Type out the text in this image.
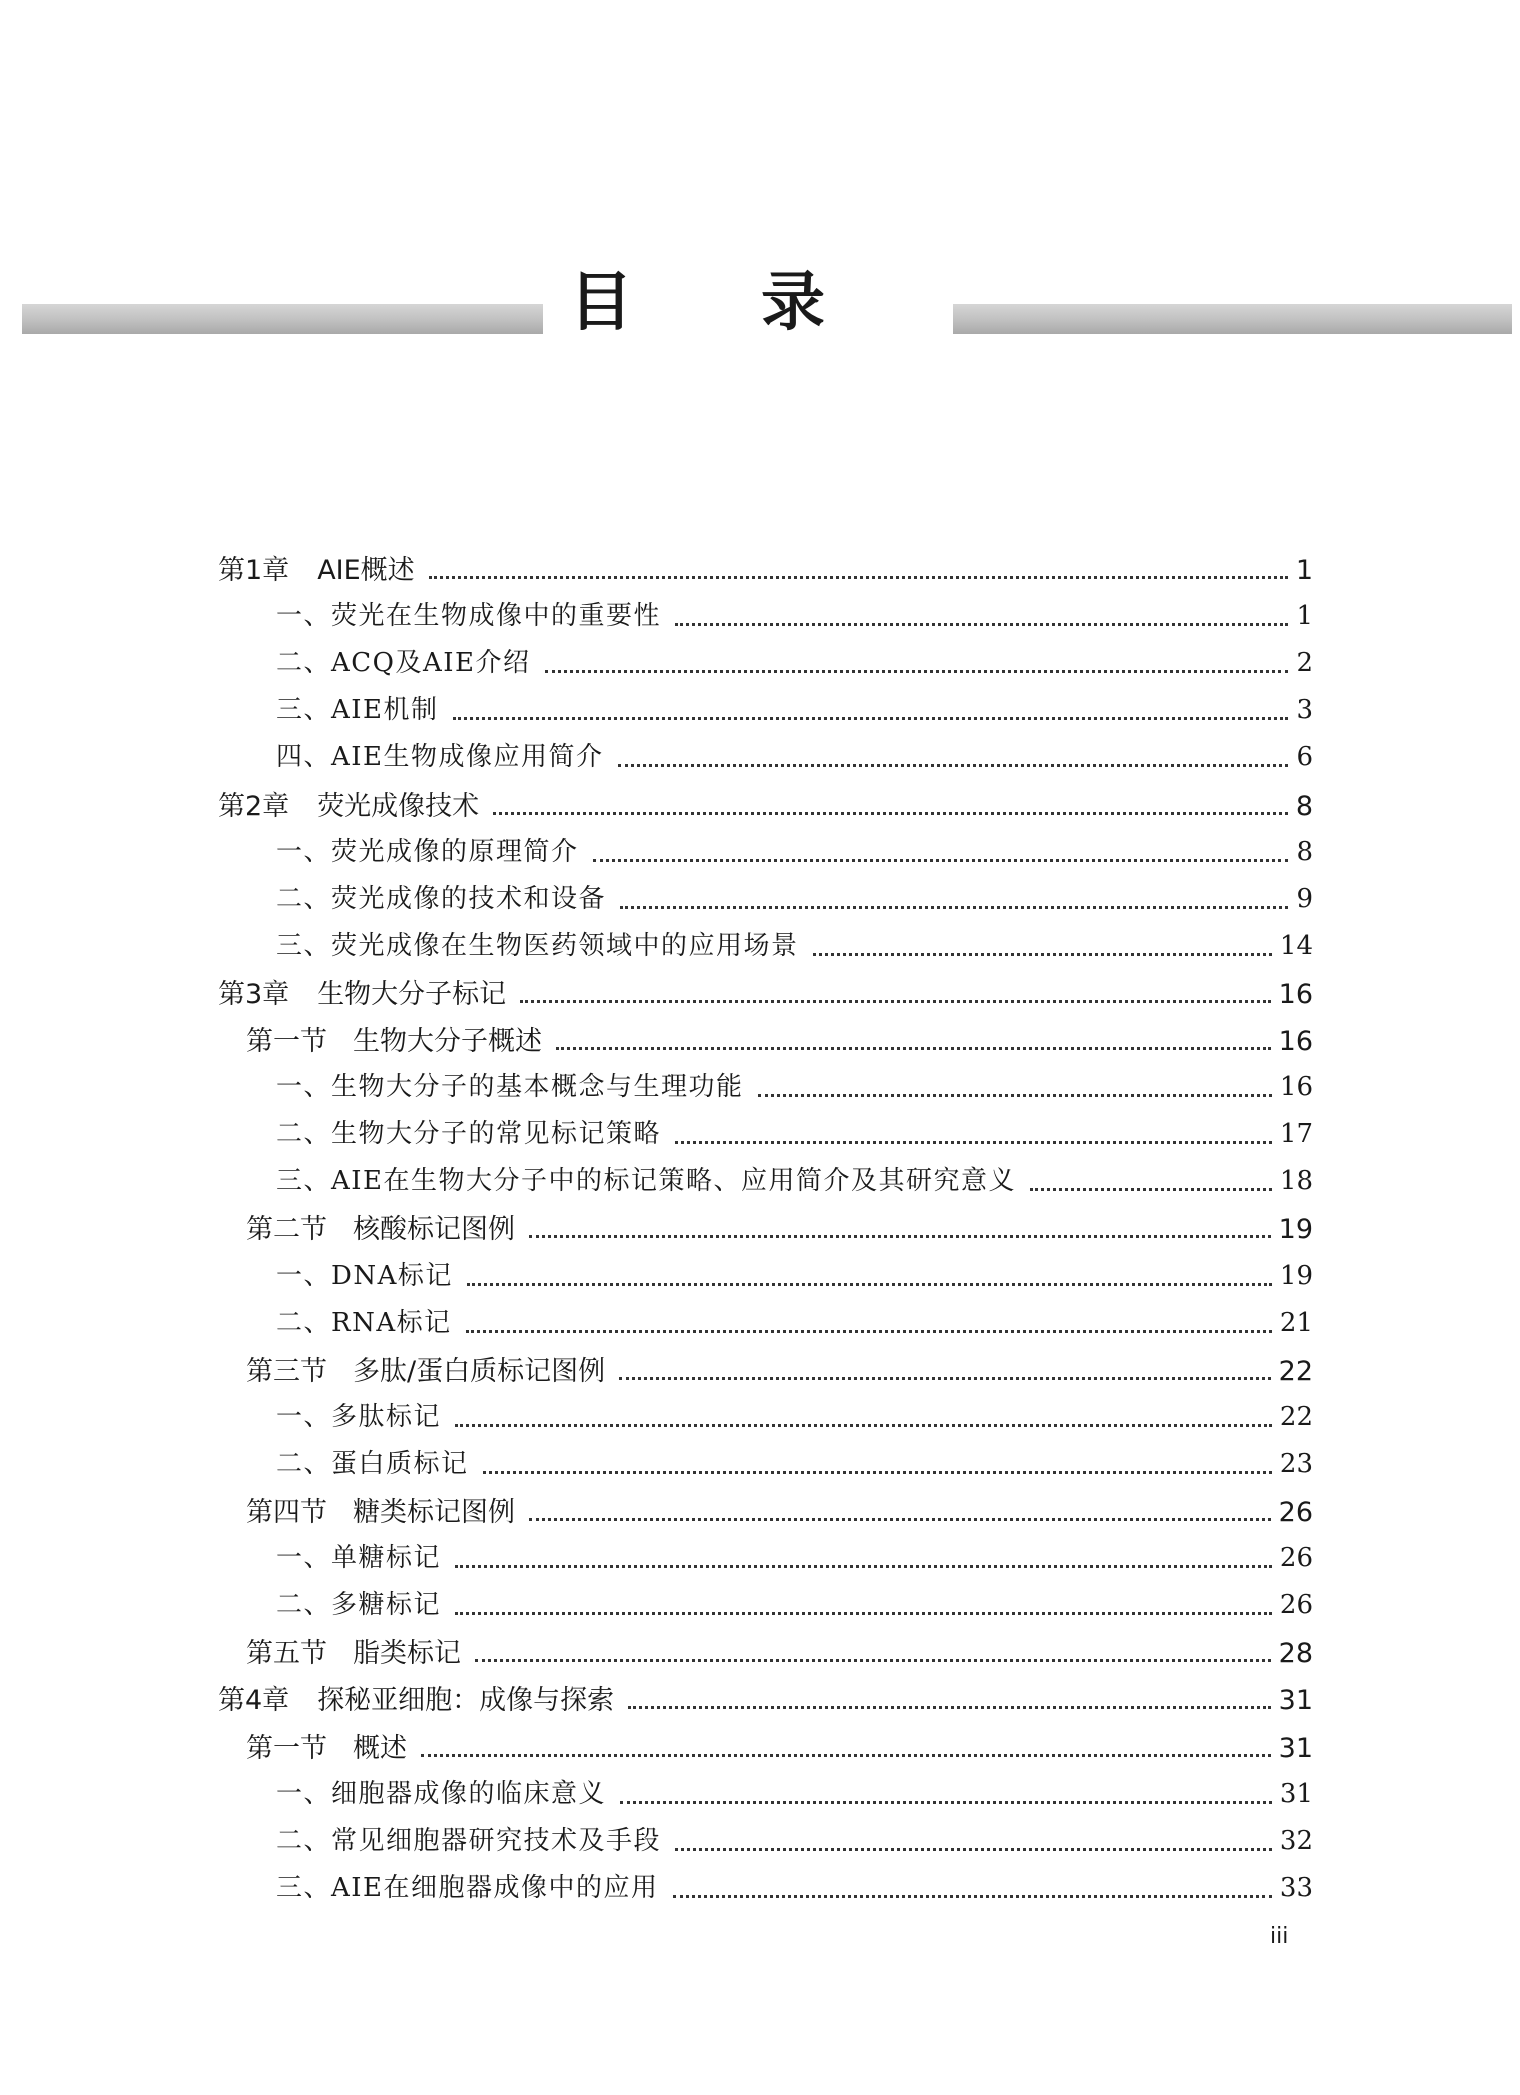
目录
第1章 AIE概述	1
一、荧光在生物成像中的重要性	1
二、ACQ及AIE介绍	2
三、AIE机制	3
四、AIE生物成像应用简介	6
第2章 荧光成像技术	8
一、荧光成像的原理简介	8
二、荧光成像的技术和设备	9
三、荧光成像在生物医药领域中的应用场景	14
第3章 生物大分子标记	16
第一节 生物大分子概述	16
一、生物大分子的基本概念与生理功能	16
二、生物大分子的常见标记策略	17
三、AIE在生物大分子中的标记策略、应用简介及其研究意义	18
第二节 核酸标记图例	19
一、DNA标记	19
二、RNA标记	21
第三节 多肽/蛋白质标记图例	22
一、多肽标记	22
二、蛋白质标记	23
第四节 糖类标记图例	26
一、单糖标记	26
二、多糖标记	26
第五节 脂类标记	28
第4章 探秘亚细胞：成像与探索	31
第一节 概述	31
一、细胞器成像的临床意义	31
二、常见细胞器研究技术及手段	32
三、AIE在细胞器成像中的应用	33
iii
